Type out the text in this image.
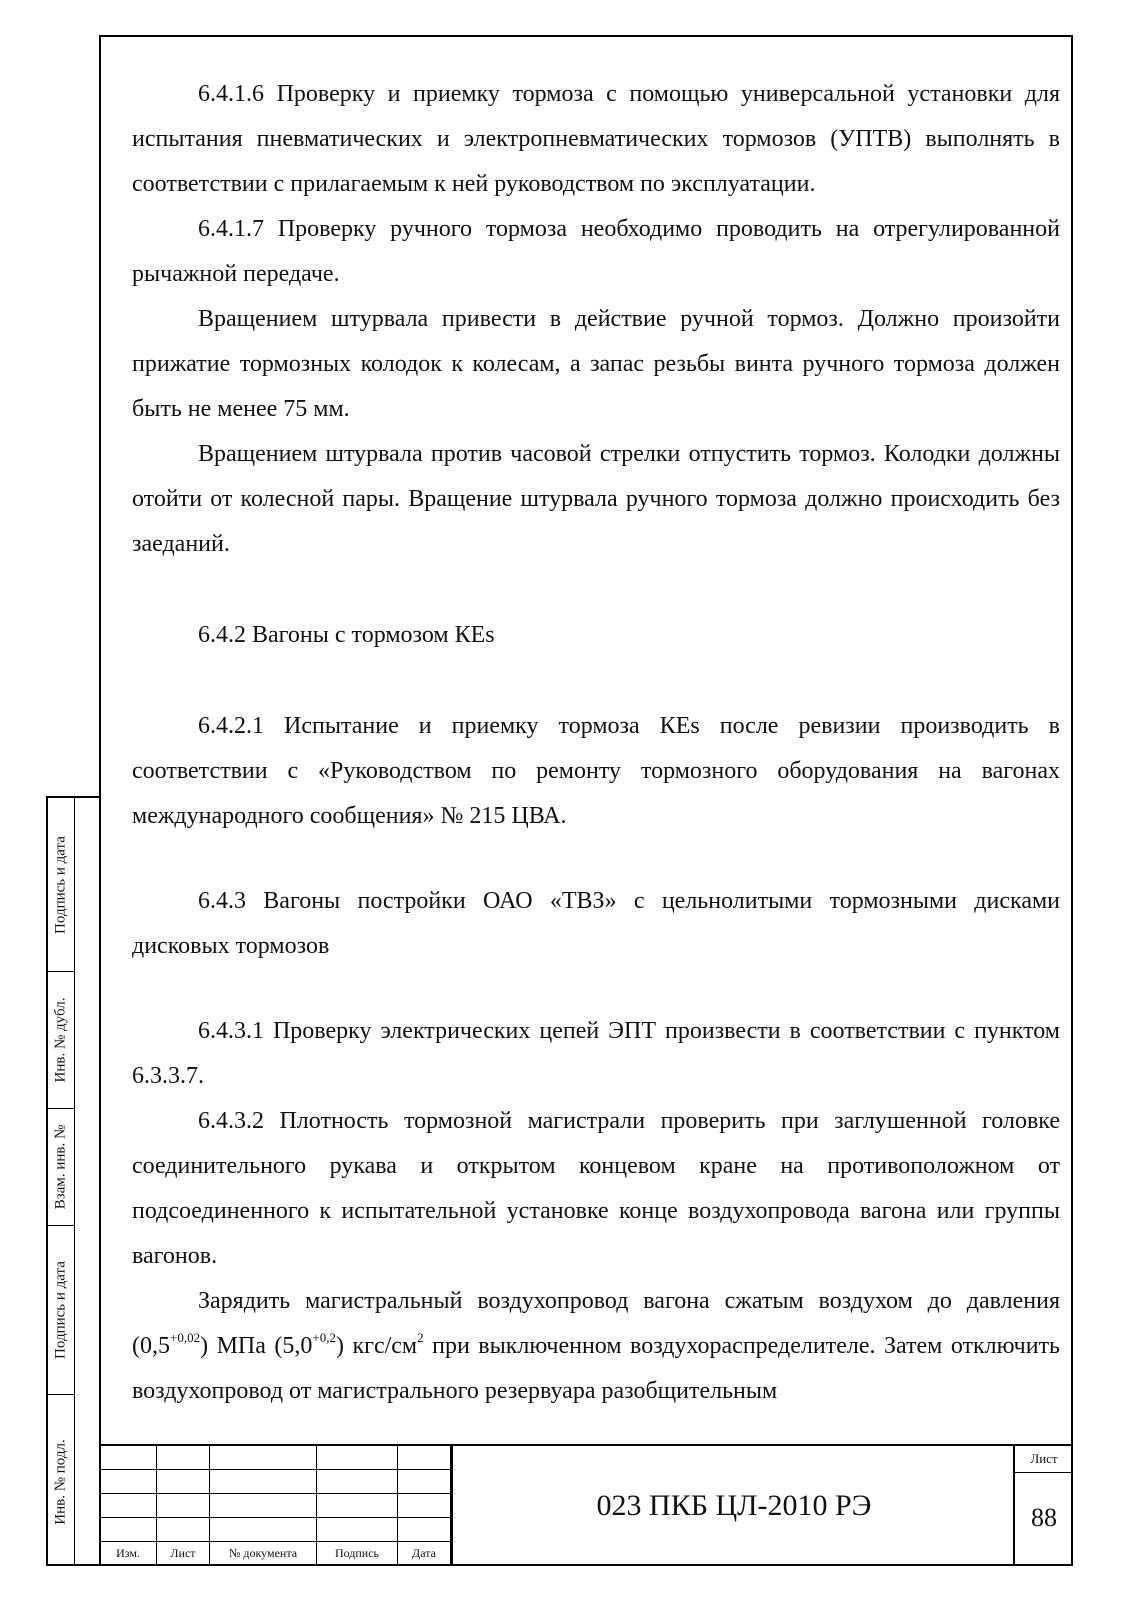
6.4.1.6 Проверку и приемку тормоза с помощью универсальной установки для испытания пневматических и электропневматических тормозов (УПТВ) выполнять в соответствии с прилагаемым к ней руководством по эксплуатации.

6.4.1.7 Проверку ручного тормоза необходимо проводить на отрегулированной рычажной передаче.

Вращением штурвала привести в действие ручной тормоз. Должно произойти прижатие тормозных колодок к колесам, а запас резьбы винта ручного тормоза должен быть не менее 75 мм.

Вращением штурвала против часовой стрелки отпустить тормоз. Колодки должны отойти от колесной пары. Вращение штурвала ручного тормоза должно происходить без заеданий.

6.4.2 Вагоны с тормозом КЕs

6.4.2.1 Испытание и приемку тормоза КЕs после ревизии производить в соответствии с «Руководством по ремонту тормозного оборудования на вагонах международного сообщения» № 215 ЦВА.

6.4.3 Вагоны постройки ОАО «ТВЗ» с цельнолитыми тормозными дисками дисковых тормозов

6.4.3.1 Проверку электрических цепей ЭПТ произвести в соответствии с пунктом 6.3.3.7.

6.4.3.2 Плотность тормозной магистрали проверить при заглушенной головке соединительного рукава и открытом концевом кране на противоположном от подсоединенного к испытательной установке конце воздухопровода вагона или группы вагонов.

Зарядить магистральный воздухопровод вагона сжатым воздухом до давления $(0,5^{+0,02})$ МПа $(5,0^{+0,2})$ кгс/$см^2$ при выключенном воздухораспределителе. Затем отключить воздухопровод от магистрального резервуара разобщительным

Подпись и дата
Инв. № дубл.
Взам. инв. №
Подпись и дата
Инв. № подл.

Изм.	Лист	№ документа	Подпись	Дата
023 ПКБ ЦЛ-2010 РЭ
Лист
88
